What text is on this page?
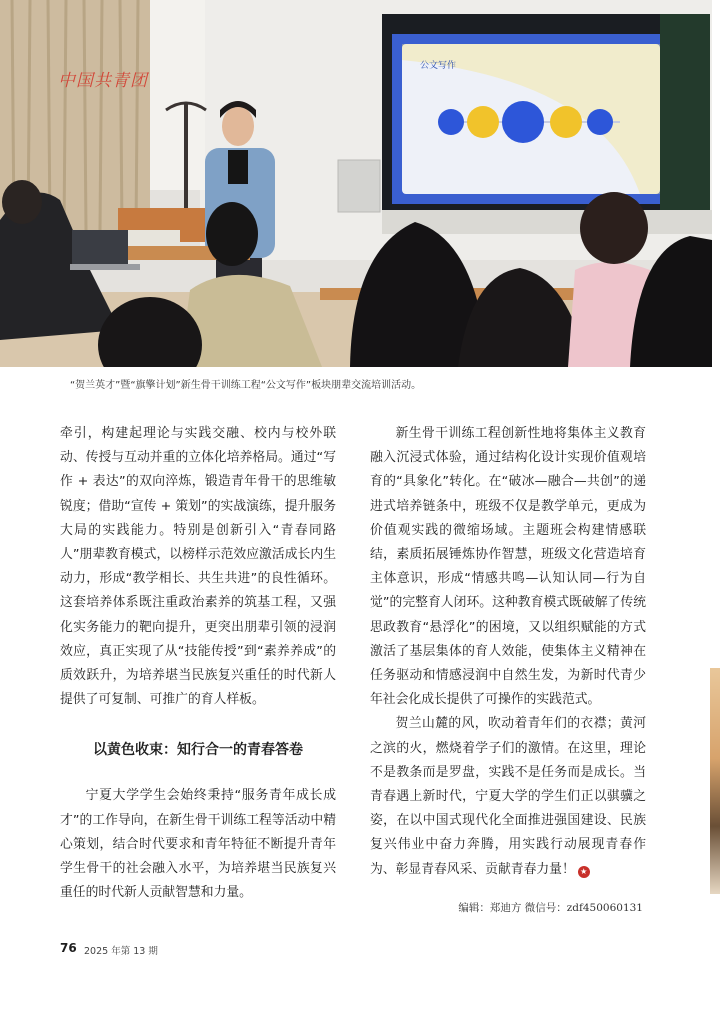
中国共青团
公文写作
“贺兰英才”暨“旗擎计划”新生骨干训练工程“公文写作”板块朋辈交流培训活动。

牵引，构建起理论与实践交融、校内与校外联动、传授与互动并重的立体化培养格局。通过“写作 + 表达”的双向淬炼，锻造青年骨干的思维敏锐度；借助“宣传 + 策划”的实战演练，提升服务大局的实践能力。特别是创新引入“青春同路人”朋辈教育模式，以榜样示范效应激活成长内生动力，形成“教学相长、共生共进”的良性循环。这套培养体系既注重政治素养的筑基工程，又强化实务能力的靶向提升，更突出朋辈引领的浸润效应，真正实现了从“技能传授”到“素养养成”的质效跃升，为培养堪当民族复兴重任的时代新人提供了可复制、可推广的育人样板。

以黄色收束：知行合一的青春答卷

宁夏大学学生会始终秉持“服务青年成长成才”的工作导向，在新生骨干训练工程等活动中精心策划，结合时代要求和青年特征不断提升青年学生骨干的社会融入水平，为培养堪当民族复兴重任的时代新人贡献智慧和力量。

新生骨干训练工程创新性地将集体主义教育融入沉浸式体验，通过结构化设计实现价值观培育的“具象化”转化。在“破冰—融合—共创”的递进式培养链条中，班级不仅是教学单元，更成为价值观实践的微缩场域。主题班会构建情感联结，素质拓展锤炼协作智慧，班级文化营造培育主体意识，形成“情感共鸣—认知认同—行为自觉”的完整育人闭环。这种教育模式既破解了传统思政教育“悬浮化”的困境，又以组织赋能的方式激活了基层集体的育人效能，使集体主义精神在任务驱动和情感浸润中自然生发，为新时代青少年社会化成长提供了可操作的实践范式。

贺兰山麓的风，吹动着青年们的衣襟；黄河之滨的火，燃烧着学子们的激情。在这里，理论不是教条而是罗盘，实践不是任务而是成长。当青春遇上新时代，宁夏大学的学生们正以骐骥之姿，在以中国式现代化全面推进强国建设、民族复兴伟业中奋力奔腾，用实践行动展现青春作为、彰显青春风采、贡献青春力量！ ★

编辑：郑迪方 微信号：zdf450060131
76 2025 年第 13 期
